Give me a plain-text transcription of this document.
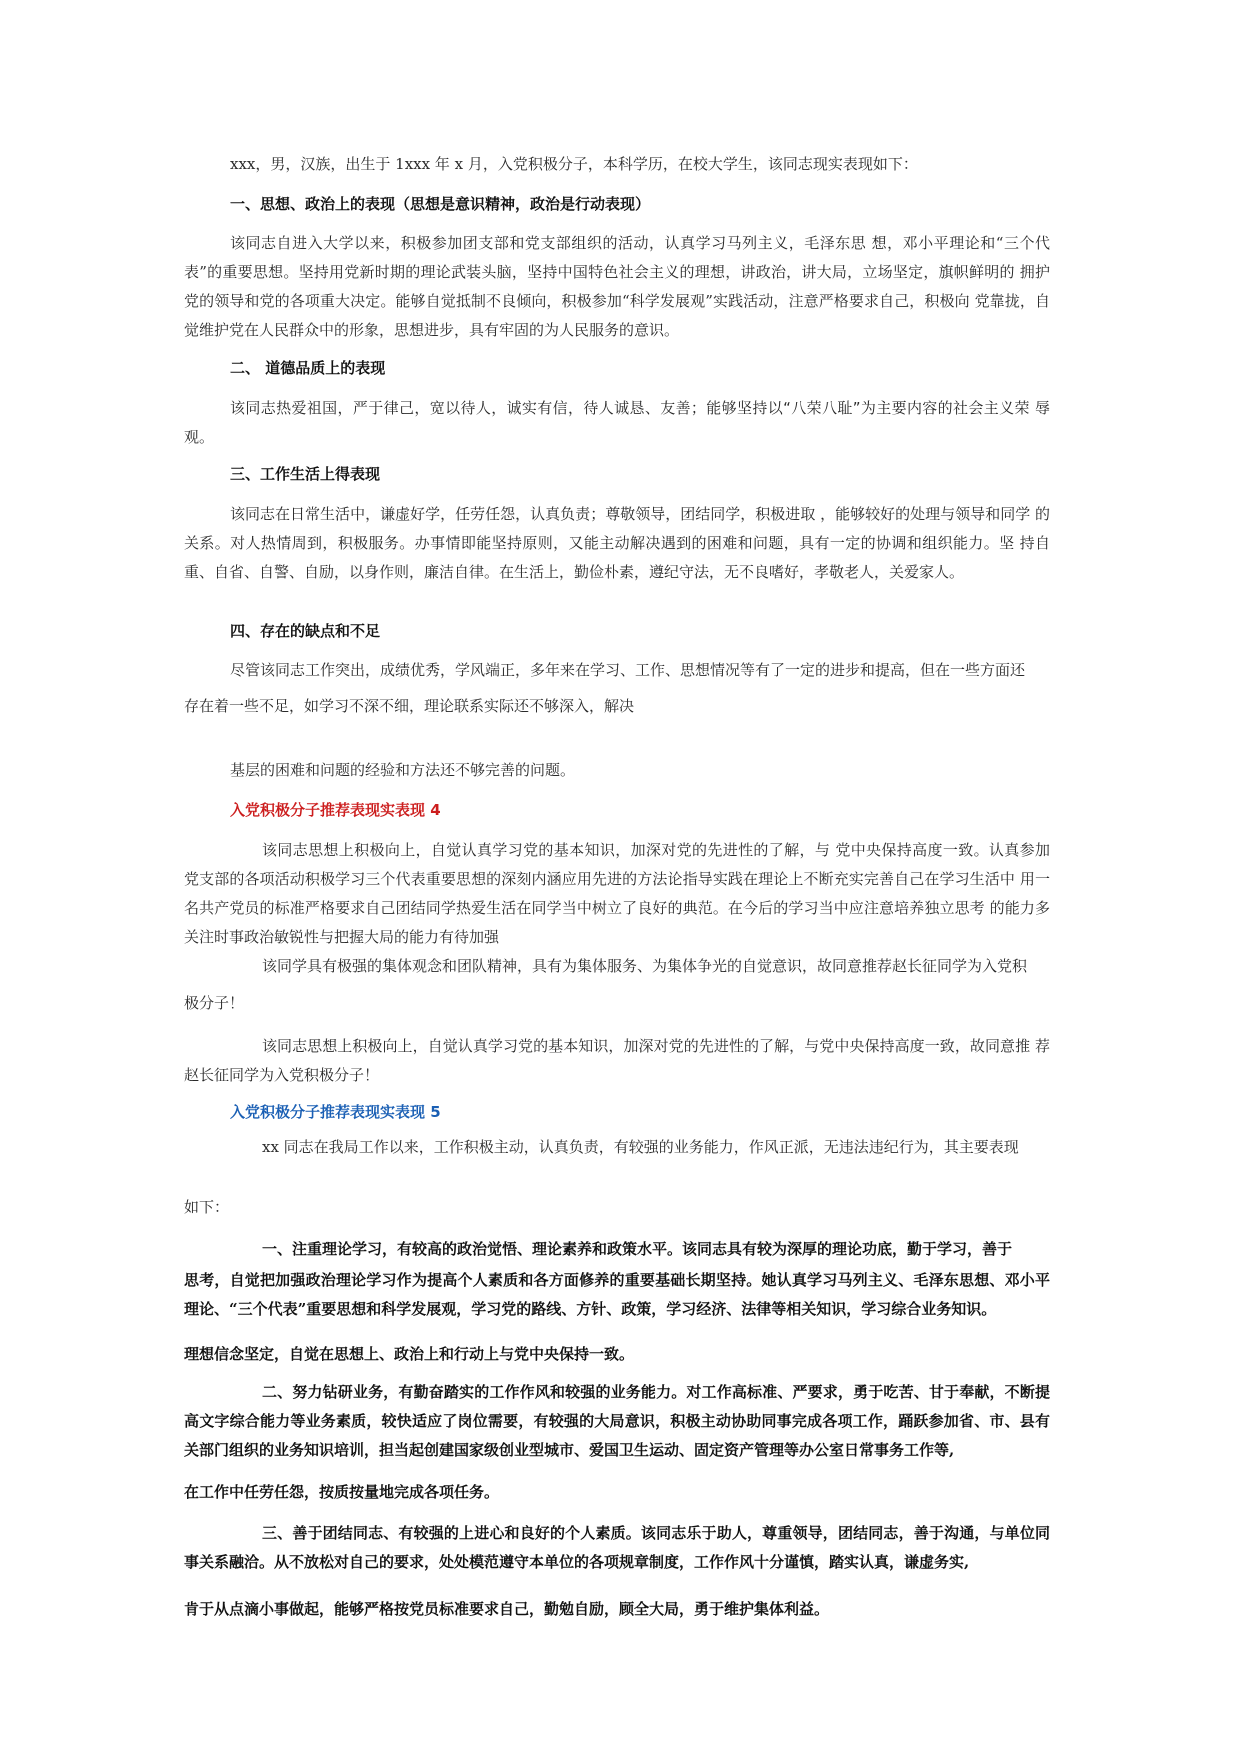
xxx，男，汉族，出生于 1xxx 年 x 月，入党积极分子，本科学历，在校大学生，该同志现实表现如下：

一、思想、政治上的表现（思想是意识精神，政治是行动表现）

该同志自进入大学以来，积极参加团支部和党支部组织的活动，认真学习马列主义，毛泽东思 想，邓小平理论和“三个代 表”的重要思想。坚持用党新时期的理论武装头脑，坚持中国特色社会主义的理想，讲政治，讲大局，立场坚定，旗帜鲜明的 拥护党的领导和党的各项重大决定。能够自觉抵制不良倾向，积极参加“科学发展观”实践活动，注意严格要求自己，积极向 党靠拢，自觉维护党在人民群众中的形象，思想进步，具有牢固的为人民服务的意识。

二、 道德品质上的表现

该同志热爱祖国，严于律己，宽以待人，诚实有信，待人诚恳、友善；能够坚持以“八荣八耻”为主要内容的社会主义荣 辱观。

三、工作生活上得表现

该同志在日常生活中，谦虚好学，任劳任怨，认真负责；尊敬领导，团结同学，积极进取 ，能够较好的处理与领导和同学 的关系。对人热情周到，积极服务。办事情即能坚持原则，又能主动解决遇到的困难和问题，具有一定的协调和组织能力。坚 持自重、自省、自警、自励，以身作则，廉洁自律。在生活上，勤俭朴素，遵纪守法，无不良嗜好，孝敬老人，关爱家人。

四、存在的缺点和不足

尽管该同志工作突出，成绩优秀，学风端正，多年来在学习、工作、思想情况等有了一定的进步和提高，但在一些方面还

存在着一些不足，如学习不深不细，理论联系实际还不够深入，解决

基层的困难和问题的经验和方法还不够完善的问题。

入党积极分子推荐表现实表现 4

该同志思想上积极向上，自觉认真学习党的基本知识，加深对党的先进性的了解，与 党中央保持高度一致。认真参加 党支部的各项活动积极学习三个代表重要思想的深刻内涵应用先进的方法论指导实践在理论上不断充实完善自己在学习生活中 用一名共产党员的标准严格要求自己团结同学热爱生活在同学当中树立了良好的典范。在今后的学习当中应注意培养独立思考 的能力多关注时事政治敏锐性与把握大局的能力有待加强

该同学具有极强的集体观念和团队精神，具有为集体服务、为集体争光的自觉意识，故同意推荐赵长征同学为入党积

极分子！

该同志思想上积极向上，自觉认真学习党的基本知识，加深对党的先进性的了解，与党中央保持高度一致，故同意推 荐赵长征同学为入党积极分子！

入党积极分子推荐表现实表现 5

xx 同志在我局工作以来，工作积极主动，认真负责，有较强的业务能力，作风正派，无违法违纪行为，其主要表现

如下：

一、注重理论学习，有较高的政治觉悟、理论素养和政策水平。该同志具有较为深厚的理论功底，勤于学习，善于

思考，自觉把加强政治理论学习作为提高个人素质和各方面修养的重要基础长期坚持。她认真学习马列主义、毛泽东思想、邓小平理论、“三个代表”重要思想和科学发展观，学习党的路线、方针、政策，学习经济、法律等相关知识，学习综合业务知识。

理想信念坚定，自觉在思想上、政治上和行动上与党中央保持一致。

二、努力钻研业务，有勤奋踏实的工作作风和较强的业务能力。对工作高标准、严要求，勇于吃苦、甘于奉献，不断提高文字综合能力等业务素质，较快适应了岗位需要，有较强的大局意识，积极主动协助同事完成各项工作，踊跃参加省、市、县有关部门组织的业务知识培训，担当起创建国家级创业型城市、爱国卫生运动、固定资产管理等办公室日常事务工作等,

在工作中任劳任怨，按质按量地完成各项任务。

三、善于团结同志、有较强的上进心和良好的个人素质。该同志乐于助人，尊重领导，团结同志，善于沟通，与单位同事关系融洽。从不放松对自己的要求，处处模范遵守本单位的各项规章制度，工作作风十分谨慎，踏实认真，谦虚务实,

肯于从点滴小事做起，能够严格按党员标准要求自己，勤勉自励，顾全大局，勇于维护集体利益。
